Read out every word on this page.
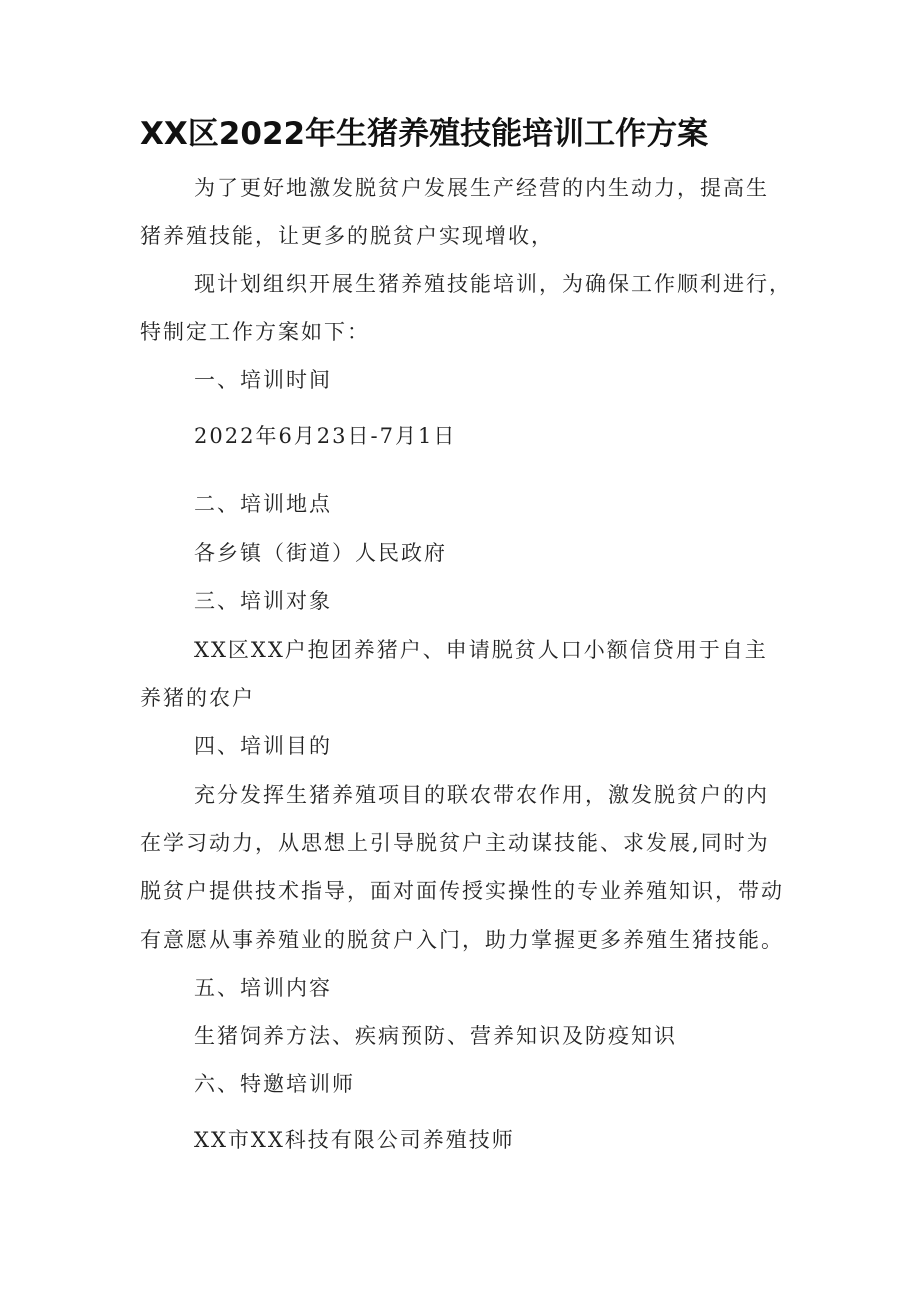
XX区2022年生猪养殖技能培训工作方案
为了更好地激发脱贫户发展生产经营的内生动力，提高生
猪养殖技能，让更多的脱贫户实现增收，
现计划组织开展生猪养殖技能培训，为确保工作顺利进行，
特制定工作方案如下：
一、培训时间
2022年6月23日-7月1日
二、培训地点
各乡镇（街道）人民政府
三、培训对象
XX区XX户抱团养猪户、申请脱贫人口小额信贷用于自主
养猪的农户
四、培训目的
充分发挥生猪养殖项目的联农带农作用，激发脱贫户的内
在学习动力，从思想上引导脱贫户主动谋技能、求发展,同时为
脱贫户提供技术指导，面对面传授实操性的专业养殖知识，带动
有意愿从事养殖业的脱贫户入门，助力掌握更多养殖生猪技能。
五、培训内容
生猪饲养方法、疾病预防、营养知识及防疫知识
六、特邀培训师
XX市XX科技有限公司养殖技师
